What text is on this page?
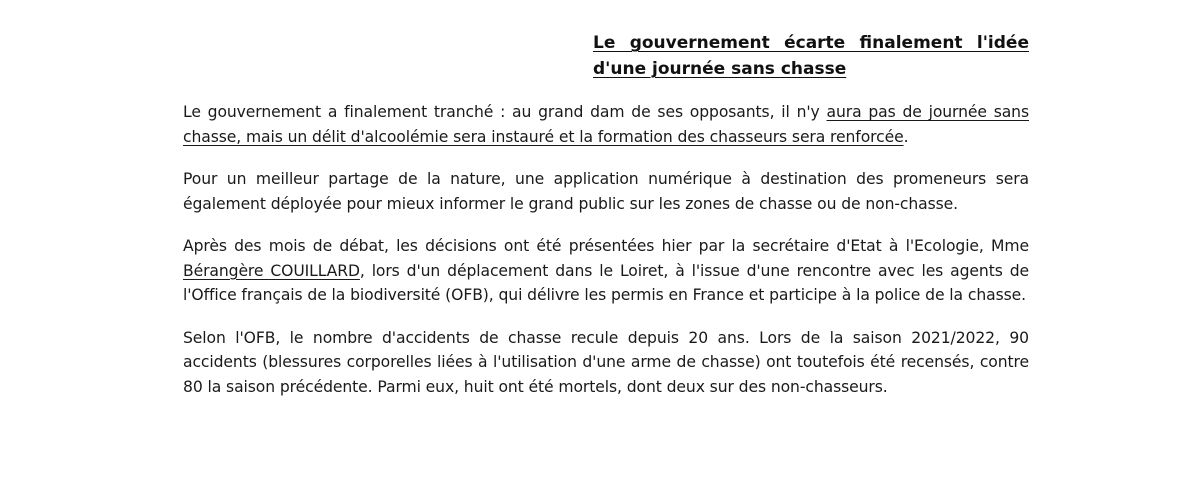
Le gouvernement écarte finalement l'idée d'une journée sans chasse

Le gouvernement a finalement tranché : au grand dam de ses opposants, il n'y aura pas de journée sans chasse, mais un délit d'alcoolémie sera instauré et la formation des chasseurs sera renforcée.

Pour un meilleur partage de la nature, une application numérique à destination des promeneurs sera également déployée pour mieux informer le grand public sur les zones de chasse ou de non-chasse.

Après des mois de débat, les décisions ont été présentées hier par la secrétaire d'Etat à l'Ecologie, Mme Bérangère COUILLARD, lors d'un déplacement dans le Loiret, à l'issue d'une rencontre avec les agents de l'Office français de la biodiversité (OFB), qui délivre les permis en France et participe à la police de la chasse.

Selon l'OFB, le nombre d'accidents de chasse recule depuis 20 ans. Lors de la saison 2021/2022, 90 accidents (blessures corporelles liées à l'utilisation d'une arme de chasse) ont toutefois été recensés, contre 80 la saison précédente. Parmi eux, huit ont été mortels, dont deux sur des non-chasseurs.
